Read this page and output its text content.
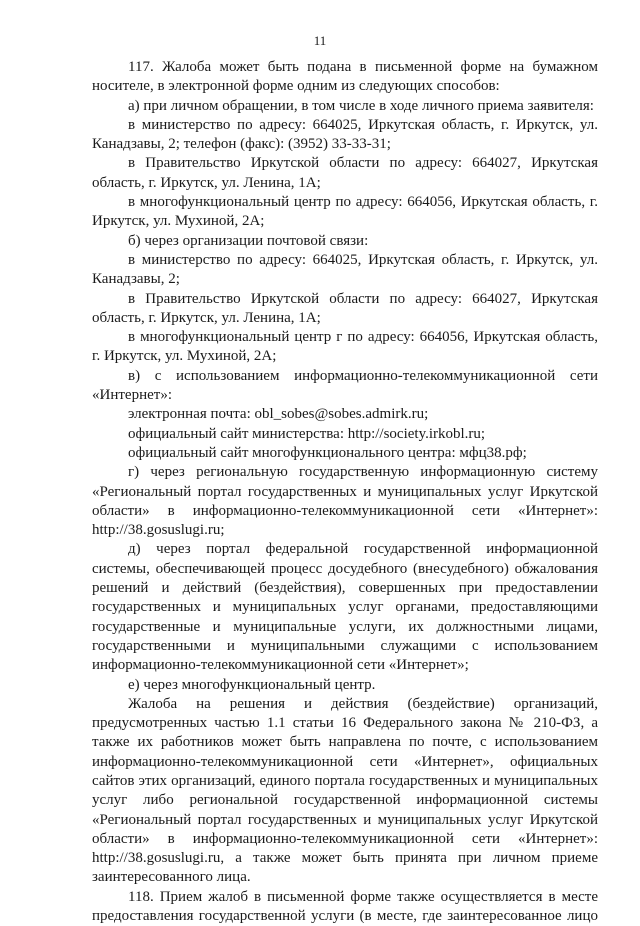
11

117. Жалоба может быть подана в письменной форме на бумажном носителе, в электронной форме одним из следующих способов:

а) при личном обращении, в том числе в ходе личного приема заявителя:

в министерство по адресу: 664025, Иркутская область, г. Иркутск, ул. Канадзавы, 2; телефон (факс): (3952) 33-33-31;

в Правительство Иркутской области по адресу: 664027, Иркутская область, г. Иркутск, ул. Ленина, 1А;

в многофункциональный центр по адресу: 664056, Иркутская область, г. Иркутск, ул. Мухиной, 2А;

б) через организации почтовой связи:

в министерство по адресу: 664025, Иркутская область, г. Иркутск, ул. Канадзавы, 2;

в Правительство Иркутской области по адресу: 664027, Иркутская область, г. Иркутск, ул. Ленина, 1А;

в многофункциональный центр г по адресу: 664056, Иркутская область, г. Иркутск, ул. Мухиной, 2А;

в) с использованием информационно-телекоммуникационной сети «Интернет»:

электронная почта: obl_sobes@sobes.admirk.ru;

официальный сайт министерства: http://society.irkobl.ru;

официальный сайт многофункционального центра: мфц38.рф;

г) через региональную государственную информационную систему «Региональный портал государственных и муниципальных услуг Иркутской области» в информационно-телекоммуникационной сети «Интернет»: http://38.gosuslugi.ru;

д) через портал федеральной государственной информационной системы, обеспечивающей процесс досудебного (внесудебного) обжалования решений и действий (бездействия), совершенных при предоставлении государственных и муниципальных услуг органами, предоставляющими государственные и муниципальные услуги, их должностными лицами, государственными и муниципальными служащими с использованием информационно-телекоммуникационной сети «Интернет»;

е) через многофункциональный центр.

Жалоба на решения и действия (бездействие) организаций, предусмотренных частью 1.1 статьи 16 Федерального закона № 210-ФЗ, а также их работников может быть направлена по почте, с использованием информационно-телекоммуникационной сети «Интернет», официальных сайтов этих организаций, единого портала государственных и муниципальных услуг либо региональной государственной информационной системы «Региональный портал государственных и муниципальных услуг Иркутской области» в информационно-телекоммуникационной сети «Интернет»: http://38.gosuslugi.ru, а также может быть принята при личном приеме заинтересованного лица.

118. Прием жалоб в письменной форме также осуществляется в месте предоставления государственной услуги (в месте, где заинтересованное лицо
